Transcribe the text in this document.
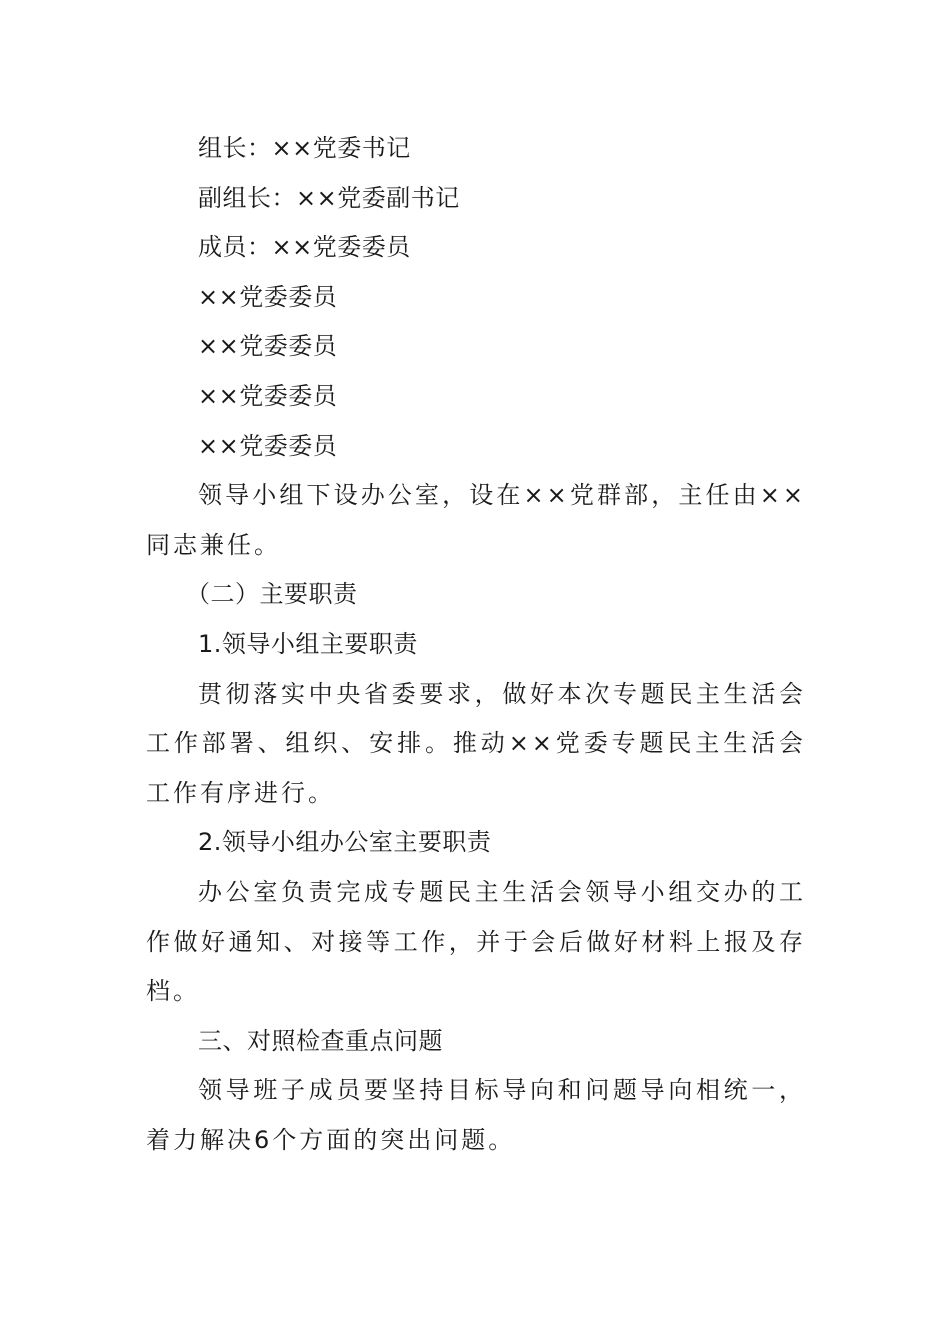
组长：××党委书记

副组长：××党委副书记

成员：××党委委员

××党委委员

××党委委员

××党委委员

××党委委员

领导小组下设办公室，设在××党群部，主任由××同志兼任。

（二）主要职责

1.领导小组主要职责

贯彻落实中央省委要求，做好本次专题民主生活会工作部署、组织、安排。推动××党委专题民主生活会工作有序进行。

2.领导小组办公室主要职责

办公室负责完成专题民主生活会领导小组交办的工作做好通知、对接等工作，并于会后做好材料上报及存档。

三、对照检查重点问题

领导班子成员要坚持目标导向和问题导向相统一，着力解决6个方面的突出问题。
